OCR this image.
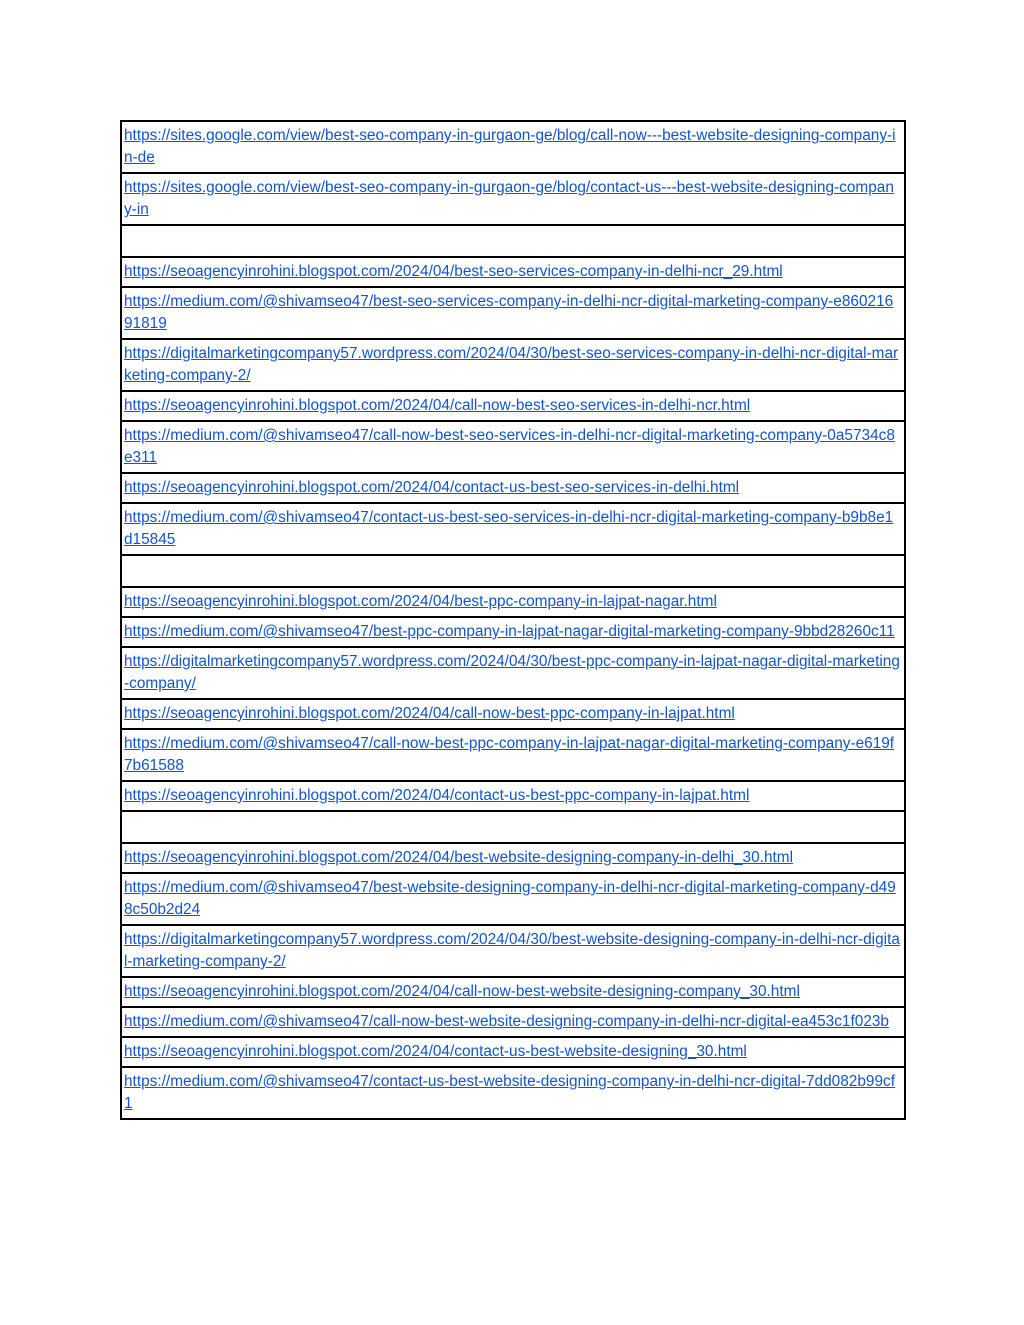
https://sites.google.com/view/best-seo-company-in-gurgaon-ge/blog/call-now---best-website-designing-company-in-de
https://sites.google.com/view/best-seo-company-in-gurgaon-ge/blog/contact-us---best-website-designing-company-in

https://seoagencyinrohini.blogspot.com/2024/04/best-seo-services-company-in-delhi-ncr_29.html
https://medium.com/@shivamseo47/best-seo-services-company-in-delhi-ncr-digital-marketing-company-e86021691819
https://digitalmarketingcompany57.wordpress.com/2024/04/30/best-seo-services-company-in-delhi-ncr-digital-marketing-company-2/
https://seoagencyinrohini.blogspot.com/2024/04/call-now-best-seo-services-in-delhi-ncr.html
https://medium.com/@shivamseo47/call-now-best-seo-services-in-delhi-ncr-digital-marketing-company-0a5734c8e311
https://seoagencyinrohini.blogspot.com/2024/04/contact-us-best-seo-services-in-delhi.html
https://medium.com/@shivamseo47/contact-us-best-seo-services-in-delhi-ncr-digital-marketing-company-b9b8e1d15845

https://seoagencyinrohini.blogspot.com/2024/04/best-ppc-company-in-lajpat-nagar.html
https://medium.com/@shivamseo47/best-ppc-company-in-lajpat-nagar-digital-marketing-company-9bbd28260c11
https://digitalmarketingcompany57.wordpress.com/2024/04/30/best-ppc-company-in-lajpat-nagar-digital-marketing-company/
https://seoagencyinrohini.blogspot.com/2024/04/call-now-best-ppc-company-in-lajpat.html
https://medium.com/@shivamseo47/call-now-best-ppc-company-in-lajpat-nagar-digital-marketing-company-e619f7b61588
https://seoagencyinrohini.blogspot.com/2024/04/contact-us-best-ppc-company-in-lajpat.html

https://seoagencyinrohini.blogspot.com/2024/04/best-website-designing-company-in-delhi_30.html
https://medium.com/@shivamseo47/best-website-designing-company-in-delhi-ncr-digital-marketing-company-d498c50b2d24
https://digitalmarketingcompany57.wordpress.com/2024/04/30/best-website-designing-company-in-delhi-ncr-digital-marketing-company-2/
https://seoagencyinrohini.blogspot.com/2024/04/call-now-best-website-designing-company_30.html
https://medium.com/@shivamseo47/call-now-best-website-designing-company-in-delhi-ncr-digital-ea453c1f023b
https://seoagencyinrohini.blogspot.com/2024/04/contact-us-best-website-designing_30.html
https://medium.com/@shivamseo47/contact-us-best-website-designing-company-in-delhi-ncr-digital-7dd082b99cf1
